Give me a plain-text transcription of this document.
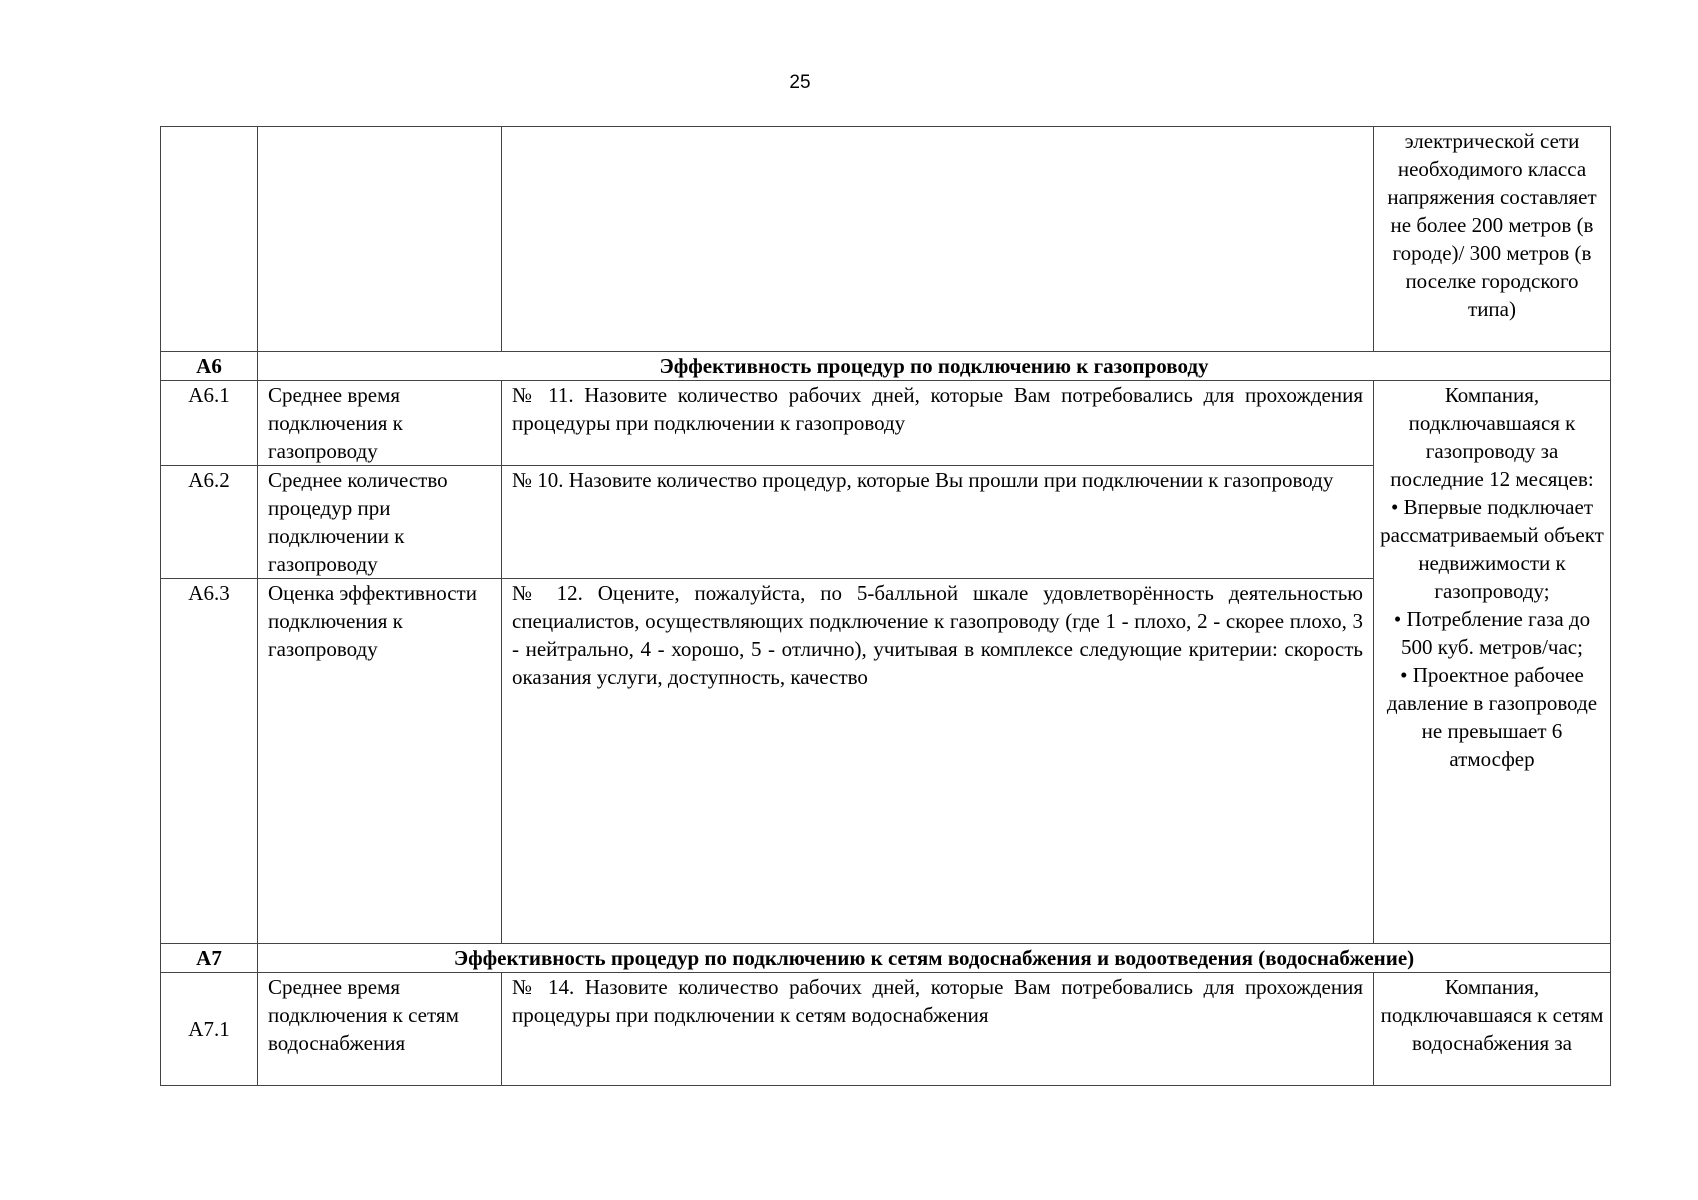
25
			электрической сети необходимого класса напряжения составляет не более 200 метров (в городе)/ 300 метров (в поселке городского типа)
А6	Эффективность процедур по подключению к газопроводу		
А6.1	Среднее время подключения к газопроводу	№ 11. Назовите количество рабочих дней, которые Вам потребовались для прохождения процедуры при подключении к газопроводу	Компания, подключавшаяся к газопроводу за последние 12 месяцев:
• Впервые подключает рассматриваемый объект недвижимости к газопроводу;
• Потребление газа до 500 куб. метров/час;
• Проектное рабочее давление в газопроводе не превышает 6 атмосфер

А6.2	Среднее количество процедур при подключении к газопроводу	№ 10. Назовите количество процедур, которые Вы прошли при подключении к газопроводу	
А6.3	Оценка эффективности подключения к газопроводу	№ 12. Оцените, пожалуйста, по 5-балльной шкале удовлетворённость деятельностью специалистов, осуществляющих подключение к газопроводу (где 1 - плохо, 2 - скорее плохо, 3 - нейтрально, 4 - хорошо, 5 - отлично), учитывая в комплексе следующие критерии: скорость оказания услуги, доступность, качество	
А7	Эффективность процедур по подключению к сетям водоснабжения и водоотведения (водоснабжение)		
А7.1	Среднее время подключения к сетям водоснабжения	№ 14. Назовите количество рабочих дней, которые Вам потребовались для прохождения процедуры при подключении к сетям водоснабжения	Компания, подключавшаяся к сетям водоснабжения за
